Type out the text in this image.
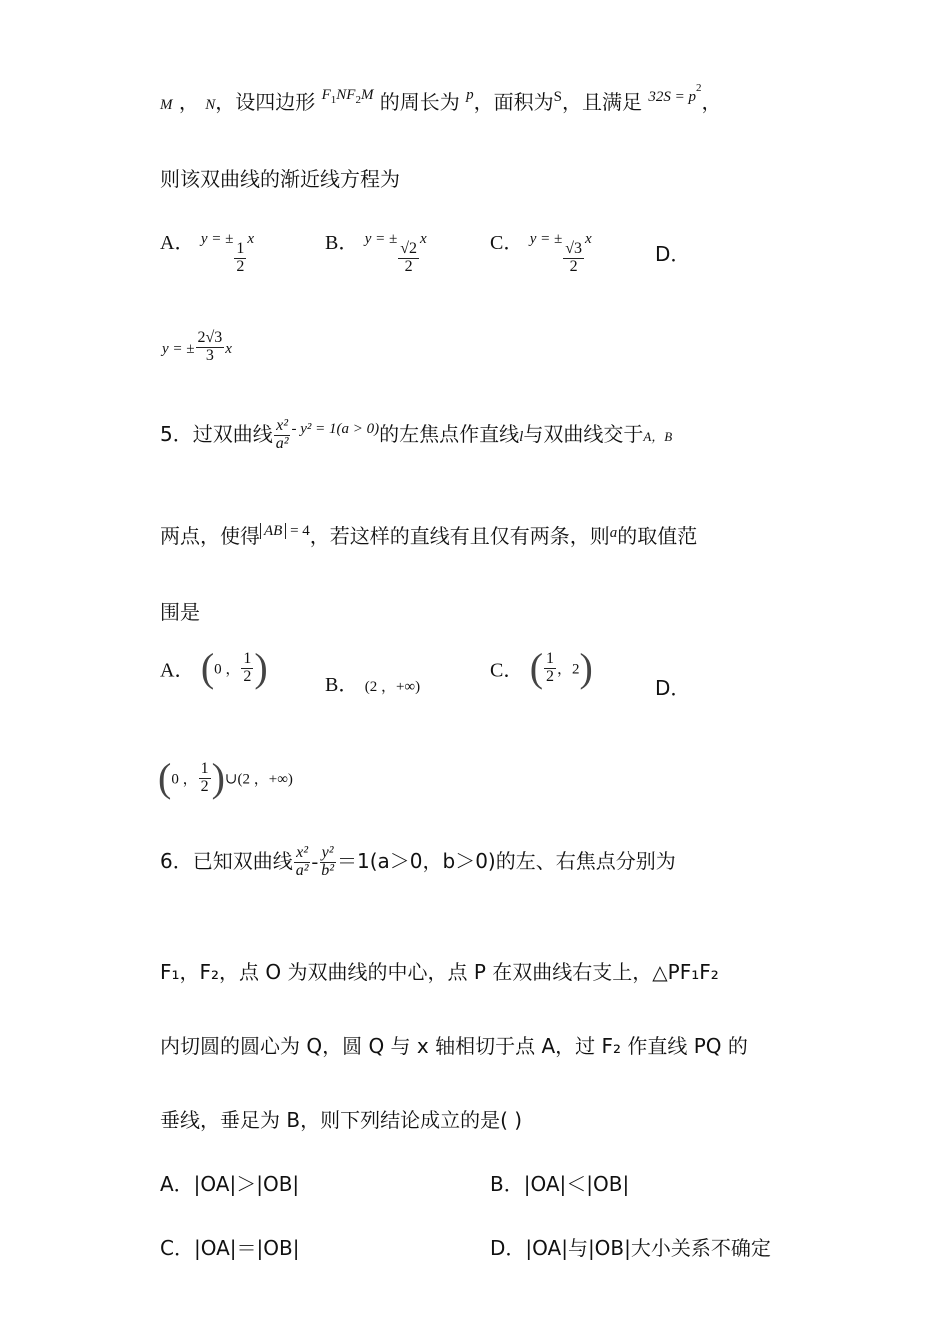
M ， N，设四边形 $^{F_1NF_2M}$ 的周长为 $^p$，面积为$^S$，且满足 $^{32S = p^2}$，
则该双曲线的渐近线方程为
A． $^{y = \pm}$
$\frac{1}{2}$
$^x$	B． $^{y = \pm}$
$\frac{√2}{2}$
$^x$	C． $^{y = \pm}$
$\frac{√3}{2}$
$^x$
D．
y = ± $\frac{2√3}{3}$ x
5．过双曲线 $\frac{\text{x²}}{\text{a²}} ^{- y^2 = 1(a > 0)}$的左焦点作直线l与双曲线交于A，B
两点，使得 $^{AB = 4}$，若这样的直线有且仅有两条，则$^a$的取值范
围是
A． (0 ， $\frac{1}{2}$ )	B． (2 ，+∞)
C． ( $\frac{1}{2}$ ，2)	D．
(0 ， $\frac{1}{2}$ )∪(2 ，+∞)
6．已知双曲线 $\frac{\text{x²}}{\text{a²}} - \frac{\text{y²}}{\text{b²}} =1(a>0$，b＞0)的左、右焦点分别为
F₁，F₂，点 O 为双曲线的中心，点 P 在双曲线右支上，△PF₁F₂
内切圆的圆心为 Q，圆 Q 与 x 轴相切于点 A，过 F₂ 作直线 PQ 的
垂线，垂足为 B，则下列结论成立的是( )
A．|OA|＞|OB|	B．|OA|＜|OB|
C．|OA|＝|OB|	D．|OA|与|OB|大小关系不确定
